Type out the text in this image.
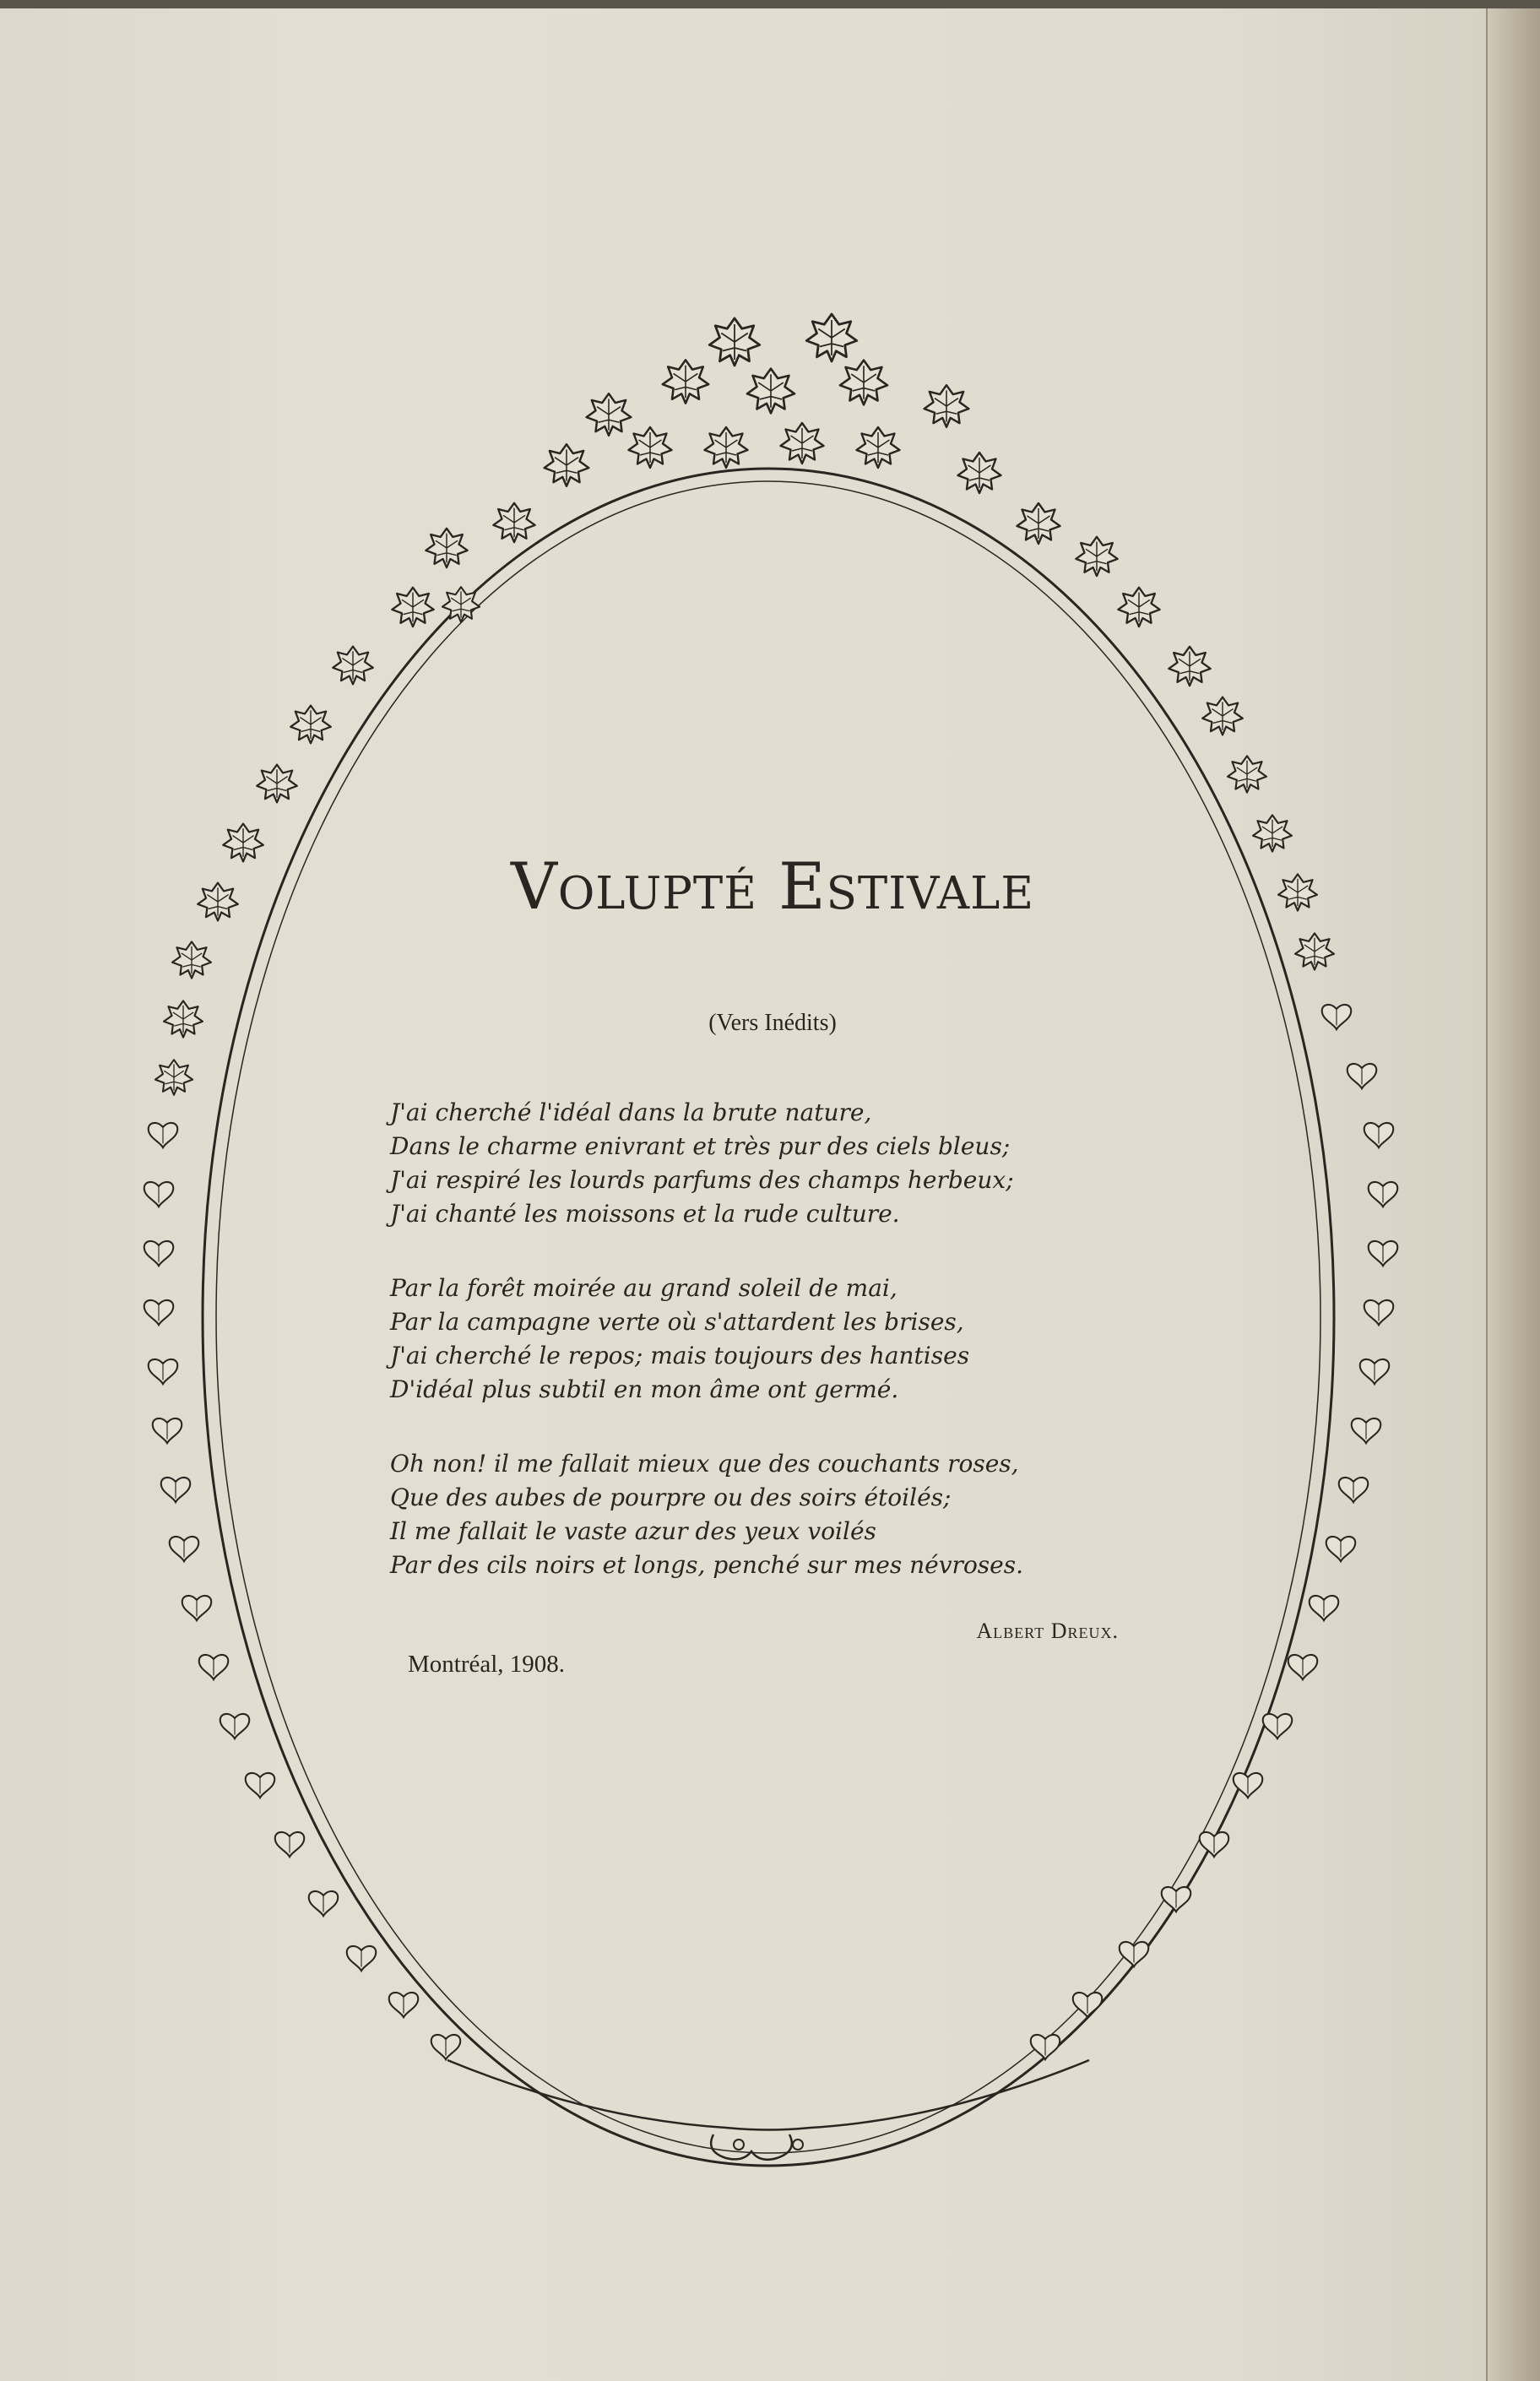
Volupté Estivale
(Vers Inédits)
J'ai cherché l'idéal dans la brute nature,
Dans le charme enivrant et très pur des ciels bleus;
J'ai respiré les lourds parfums des champs herbeux;
J'ai chanté les moissons et la rude culture.
Par la forêt moirée au grand soleil de mai,
Par la campagne verte où s'attardent les brises,
J'ai cherché le repos; mais toujours des hantises
D'idéal plus subtil en mon âme ont germé.
Oh non! il me fallait mieux que des couchants roses,
Que des aubes de pourpre ou des soirs étoilés;
Il me fallait le vaste azur des yeux voilés
Par des cils noirs et longs, penché sur mes névroses.
Albert Dreux.
Montréal, 1908.
